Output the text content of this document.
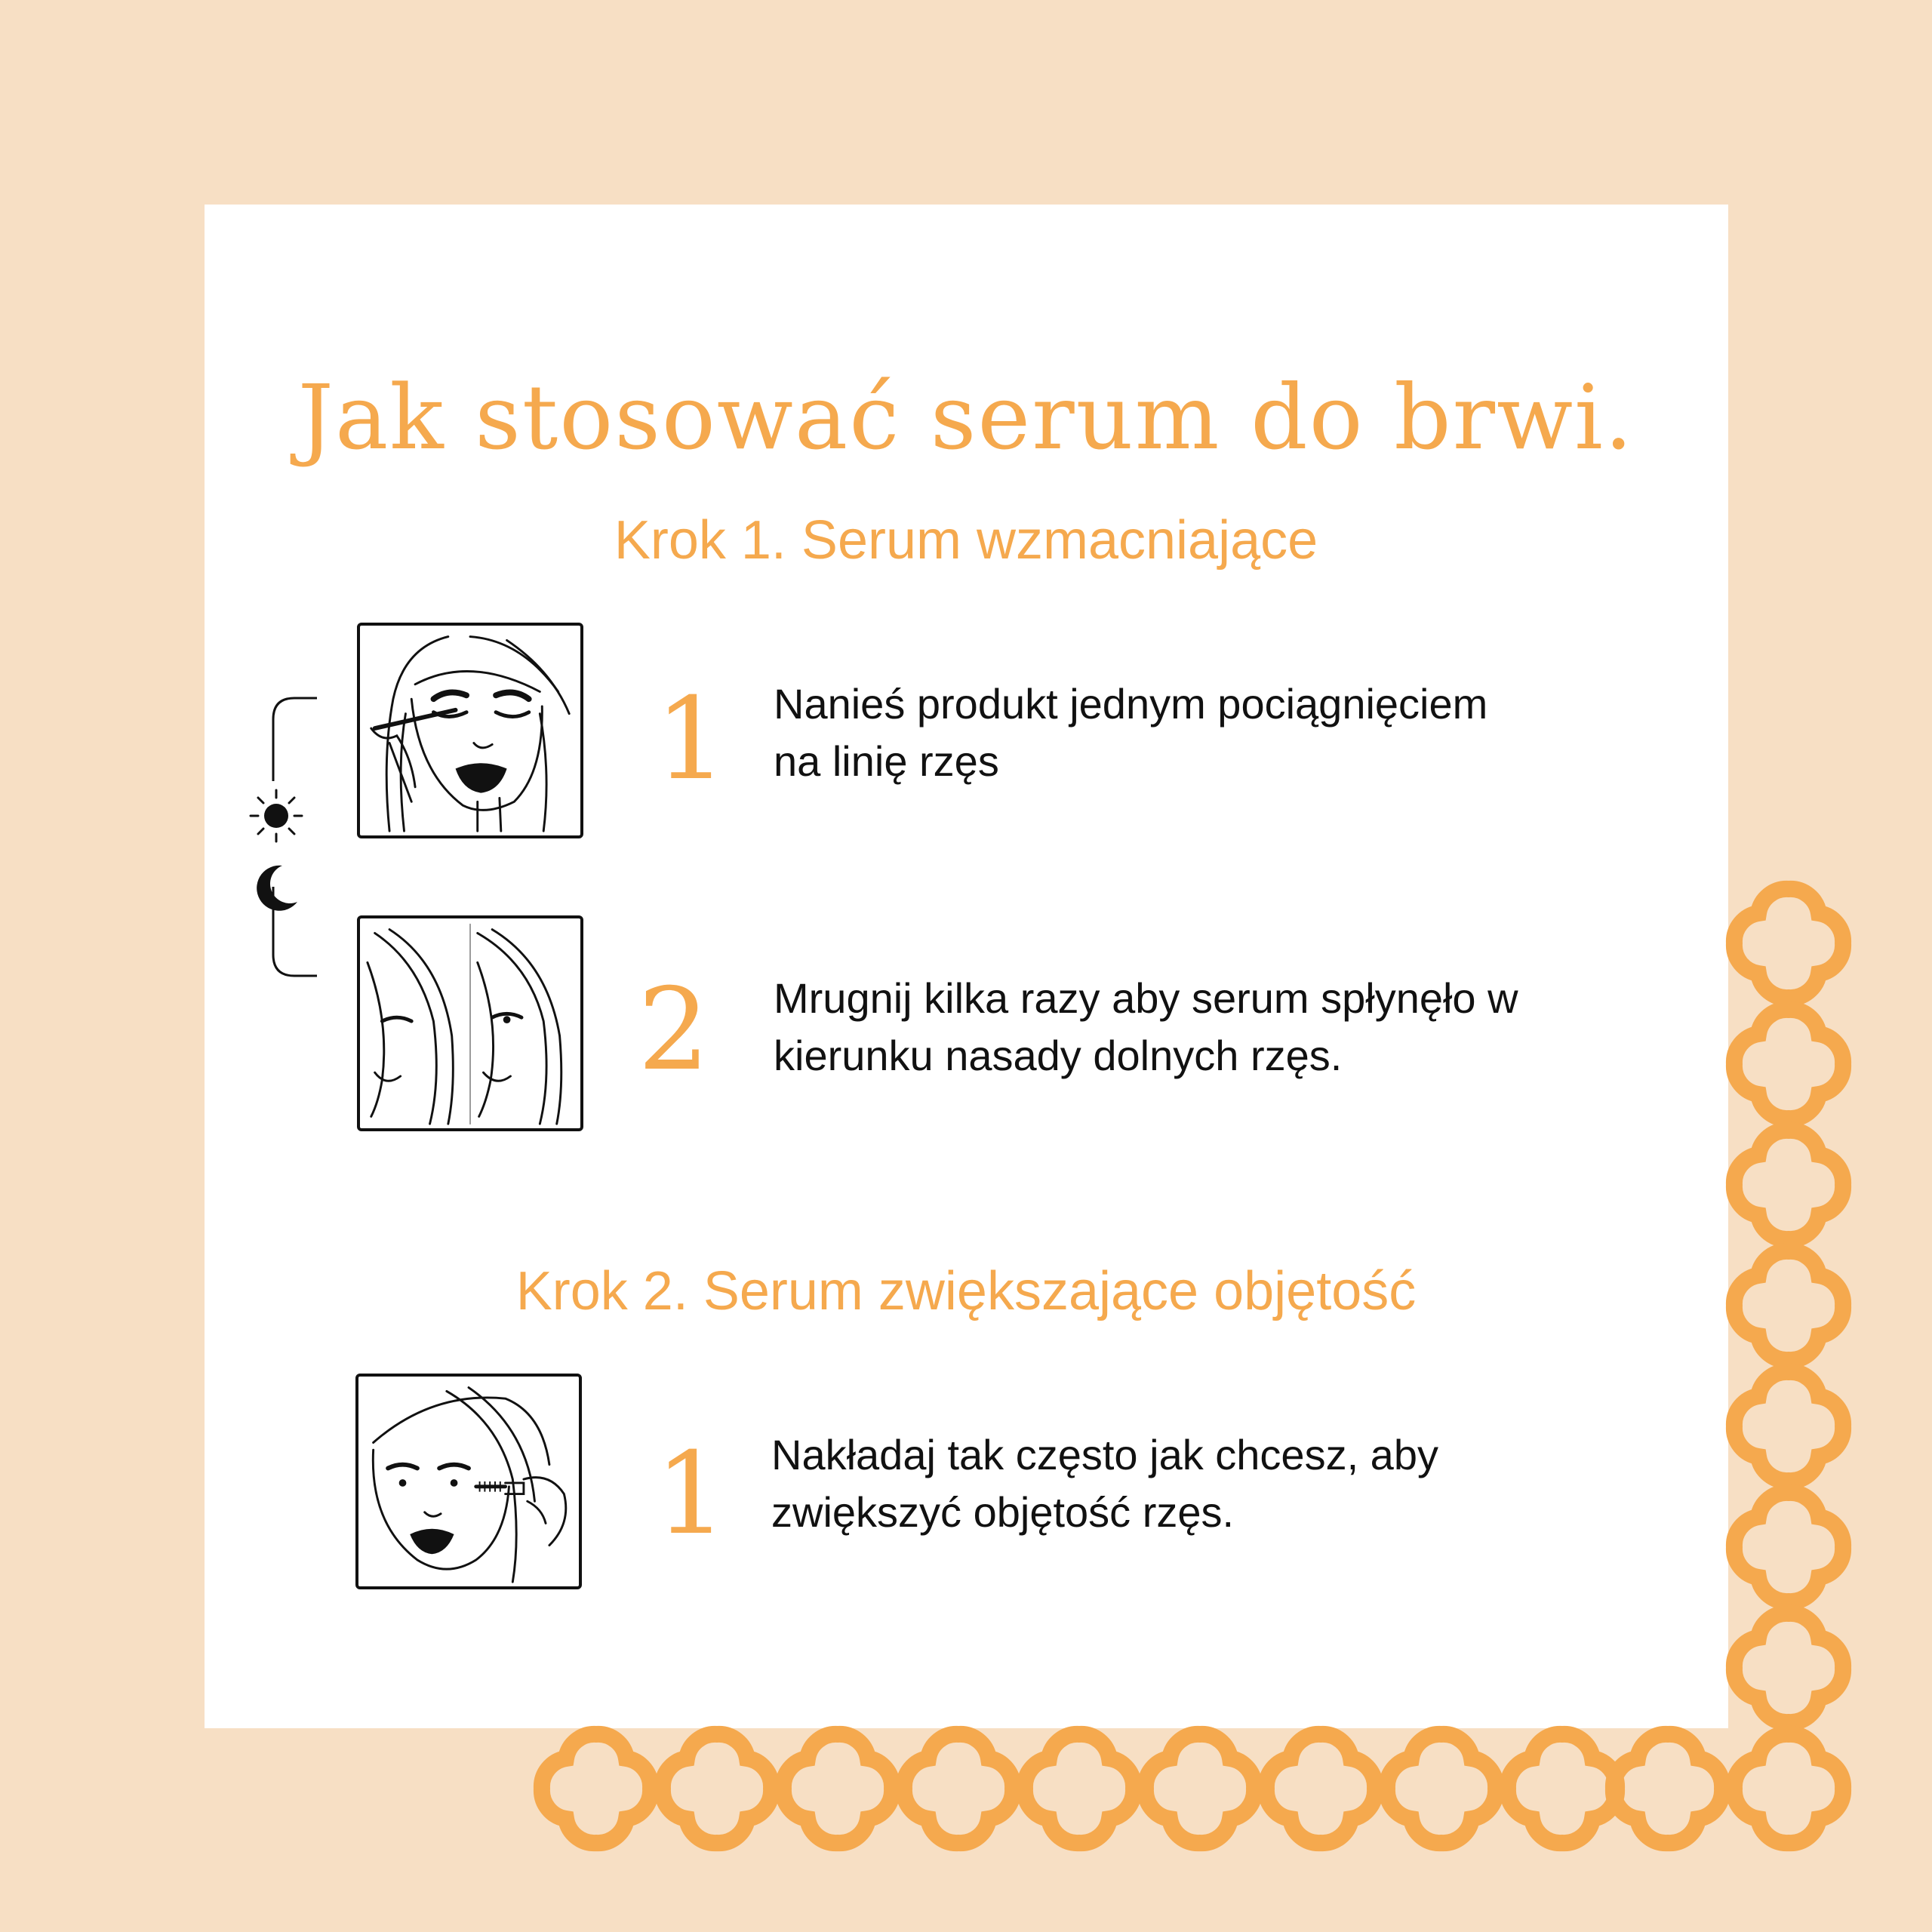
Jak stosować serum do brwi.
Krok 1. Serum wzmacniające
1 Nanieś produkt jednym pociągnięciem na linię rzęs
2 Mrugnij kilka razy aby serum spłynęło w kierunku nasady dolnych rzęs.
Krok 2. Serum zwiększające objętość
1 Nakładaj tak często jak chcesz, aby zwiększyć objętość rzęs.
